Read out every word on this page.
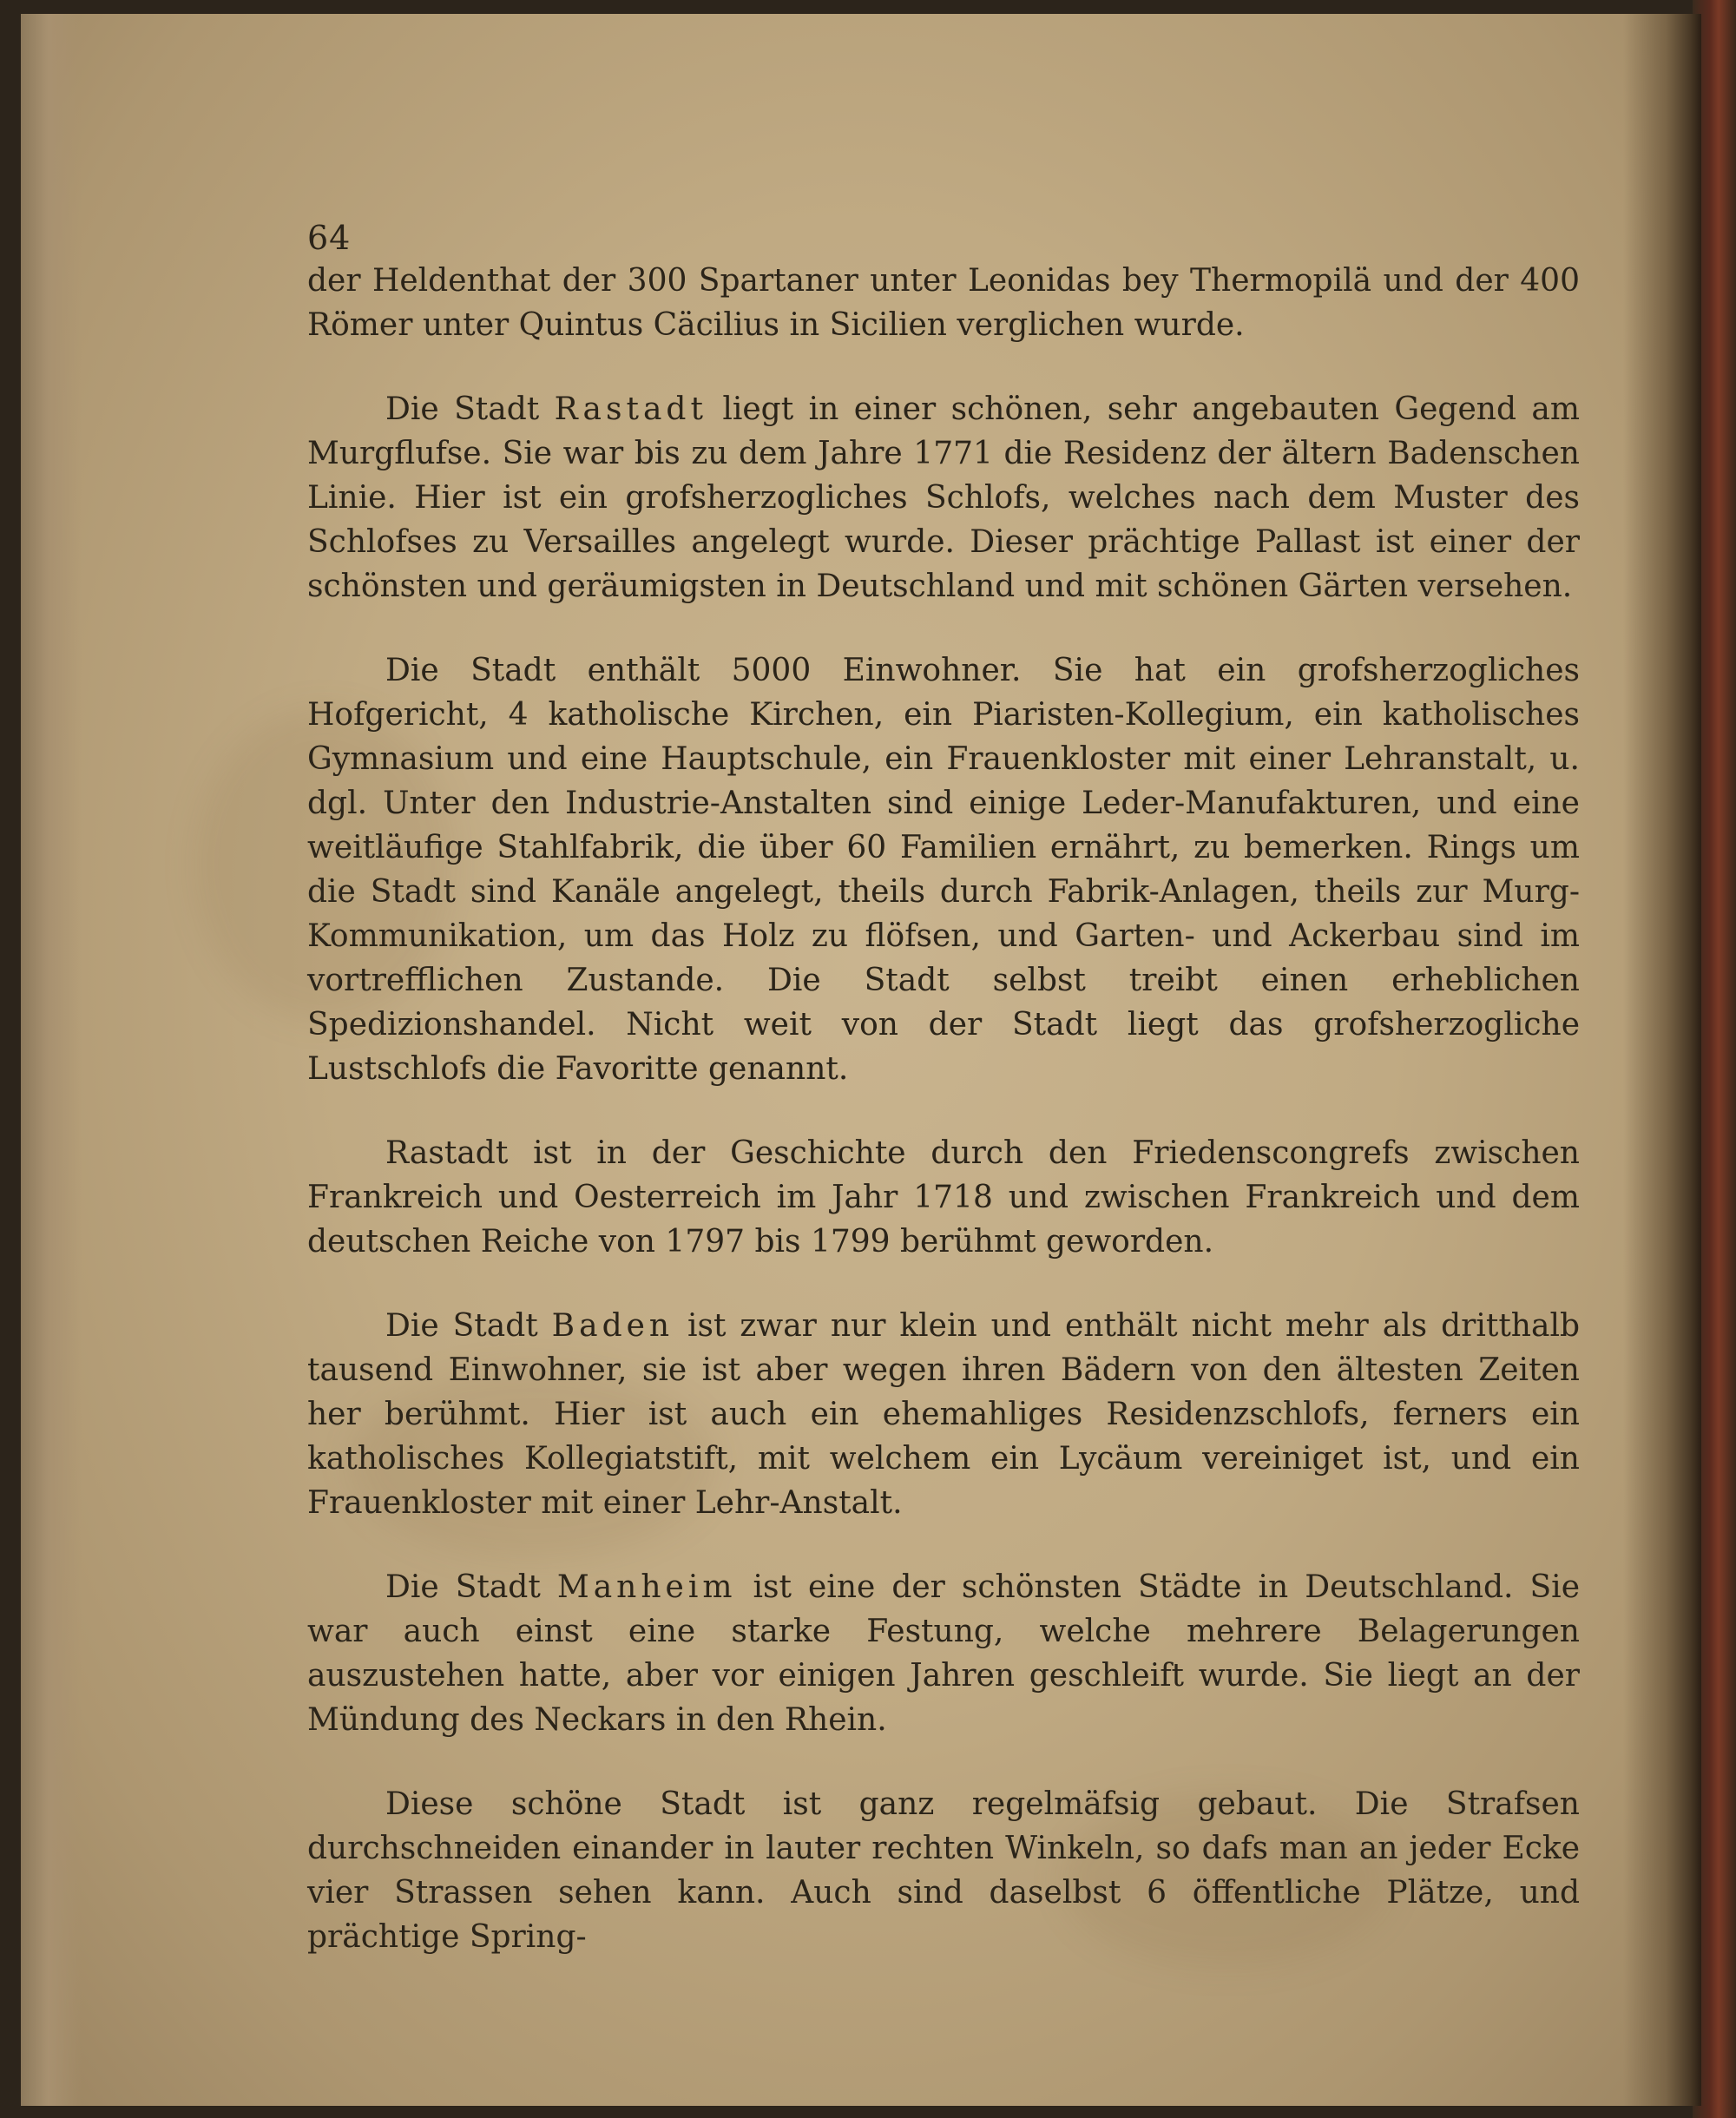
64

der Heldenthat der 300 Spartaner unter Leonidas bey Thermopilä und der 400 Römer unter Quintus Cäcilius in Sicilien verglichen wurde.

Die Stadt Rastadt liegt in einer schönen, sehr angebauten Gegend am Murgflufse. Sie war bis zu dem Jahre 1771 die Residenz der ältern Badenschen Linie. Hier ist ein grofsherzogliches Schlofs, welches nach dem Muster des Schlofses zu Versailles angelegt wurde. Dieser prächtige Pallast ist einer der schönsten und geräumigsten in Deutschland und mit schönen Gärten versehen.

Die Stadt enthält 5000 Einwohner. Sie hat ein grofsherzogliches Hofgericht, 4 katholische Kirchen, ein Piaristen-Kollegium, ein katholisches Gymnasium und eine Hauptschule, ein Frauenkloster mit einer Lehranstalt, u. dgl. Unter den Industrie-Anstalten sind einige Leder-Manufakturen, und eine weitläufige Stahlfabrik, die über 60 Familien ernährt, zu bemerken. Rings um die Stadt sind Kanäle angelegt, theils durch Fabrik-Anlagen, theils zur Murg-Kommunikation, um das Holz zu flöfsen, und Garten- und Ackerbau sind im vortrefflichen Zustande. Die Stadt selbst treibt einen erheblichen Spedizionshandel. Nicht weit von der Stadt liegt das grofsherzogliche Lustschlofs die Favoritte genannt.

Rastadt ist in der Geschichte durch den Friedenscongrefs zwischen Frankreich und Oesterreich im Jahr 1718 und zwischen Frankreich und dem deutschen Reiche von 1797 bis 1799 berühmt geworden.

Die Stadt Baden ist zwar nur klein und enthält nicht mehr als dritthalb tausend Einwohner, sie ist aber wegen ihren Bädern von den ältesten Zeiten her berühmt. Hier ist auch ein ehemahliges Residenzschlofs, ferners ein katholisches Kollegiatstift, mit welchem ein Lycäum vereiniget ist, und ein Frauenkloster mit einer Lehr-Anstalt.

Die Stadt Manheim ist eine der schönsten Städte in Deutschland. Sie war auch einst eine starke Festung, welche mehrere Belagerungen auszustehen hatte, aber vor einigen Jahren geschleift wurde. Sie liegt an der Mündung des Neckars in den Rhein.

Diese schöne Stadt ist ganz regelmäfsig gebaut. Die Strafsen durchschneiden einander in lauter rechten Winkeln, so dafs man an jeder Ecke vier Strassen sehen kann. Auch sind daselbst 6 öffentliche Plätze, und prächtige Spring-
